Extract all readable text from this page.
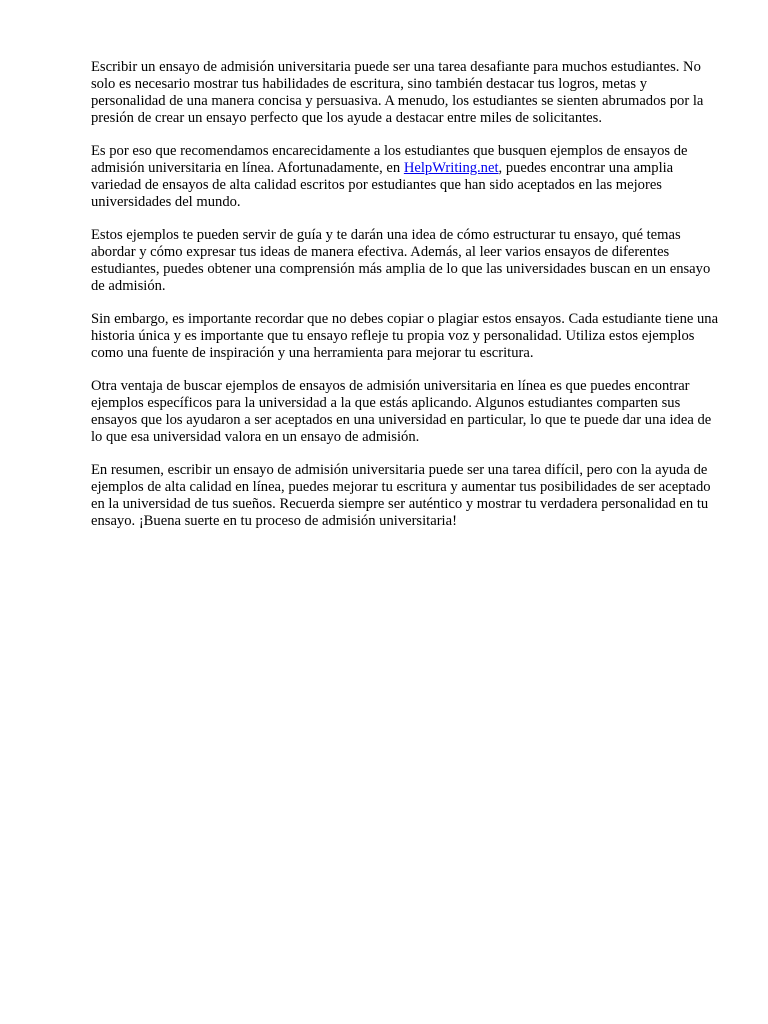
Escribir un ensayo de admisión universitaria puede ser una tarea desafiante para muchos estudiantes. No solo es necesario mostrar tus habilidades de escritura, sino también destacar tus logros, metas y personalidad de una manera concisa y persuasiva. A menudo, los estudiantes se sienten abrumados por la presión de crear un ensayo perfecto que los ayude a destacar entre miles de solicitantes.

Es por eso que recomendamos encarecidamente a los estudiantes que busquen ejemplos de ensayos de admisión universitaria en línea. Afortunadamente, en HelpWriting.net, puedes encontrar una amplia variedad de ensayos de alta calidad escritos por estudiantes que han sido aceptados en las mejores universidades del mundo.

Estos ejemplos te pueden servir de guía y te darán una idea de cómo estructurar tu ensayo, qué temas abordar y cómo expresar tus ideas de manera efectiva. Además, al leer varios ensayos de diferentes estudiantes, puedes obtener una comprensión más amplia de lo que las universidades buscan en un ensayo de admisión.

Sin embargo, es importante recordar que no debes copiar o plagiar estos ensayos. Cada estudiante tiene una historia única y es importante que tu ensayo refleje tu propia voz y personalidad. Utiliza estos ejemplos como una fuente de inspiración y una herramienta para mejorar tu escritura.

Otra ventaja de buscar ejemplos de ensayos de admisión universitaria en línea es que puedes encontrar ejemplos específicos para la universidad a la que estás aplicando. Algunos estudiantes comparten sus ensayos que los ayudaron a ser aceptados en una universidad en particular, lo que te puede dar una idea de lo que esa universidad valora en un ensayo de admisión.

En resumen, escribir un ensayo de admisión universitaria puede ser una tarea difícil, pero con la ayuda de ejemplos de alta calidad en línea, puedes mejorar tu escritura y aumentar tus posibilidades de ser aceptado en la universidad de tus sueños. Recuerda siempre ser auténtico y mostrar tu verdadera personalidad en tu ensayo. ¡Buena suerte en tu proceso de admisión universitaria!
